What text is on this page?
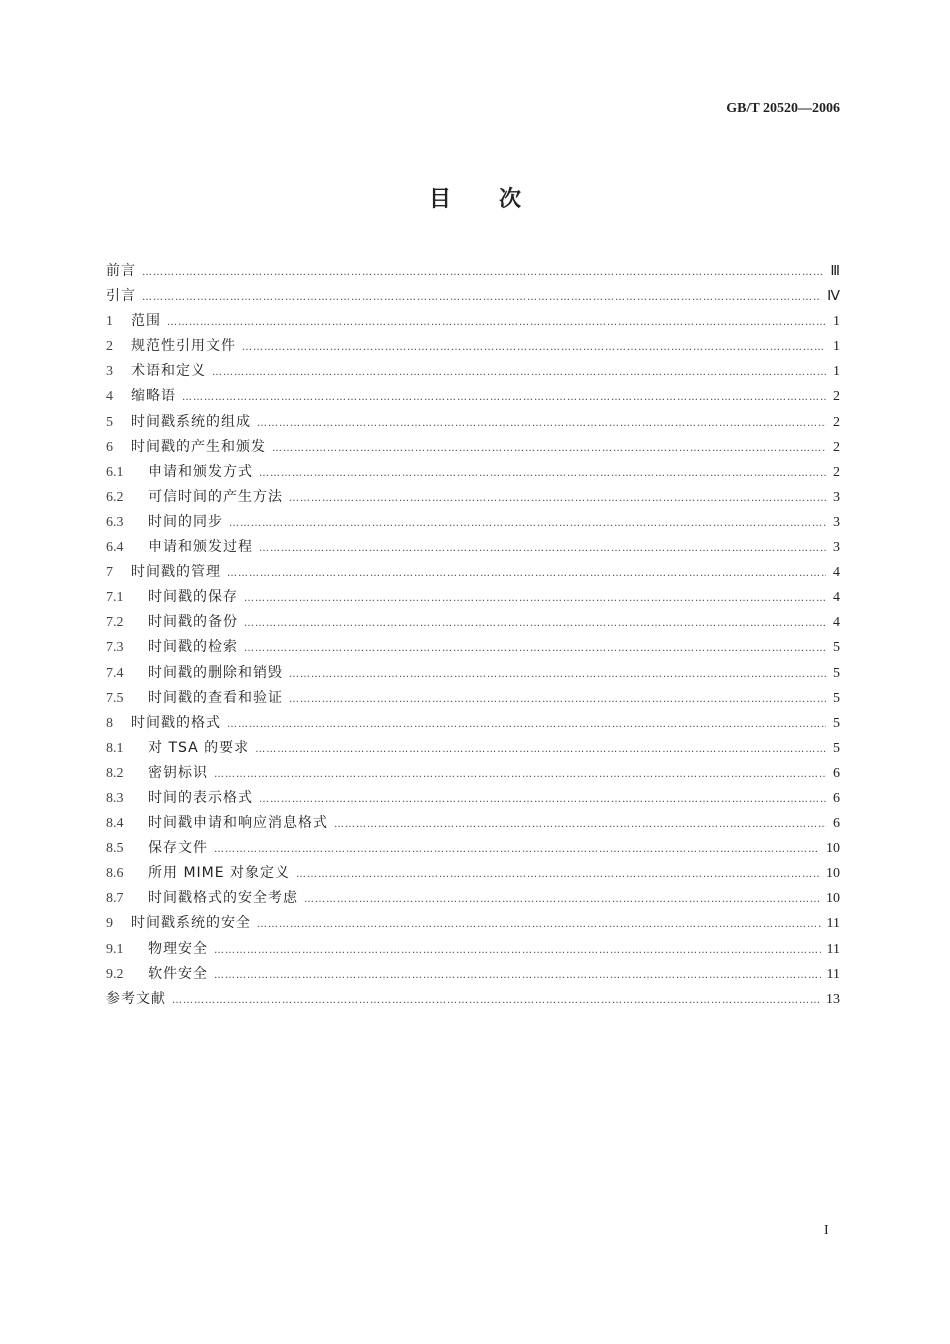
GB/T 20520—2006
目次
前言 ……………………………………………………………………………………………………………………………………………………………………………………………………………………	Ⅲ
引言 ……………………………………………………………………………………………………………………………………………………………………………………………………………………	Ⅳ
1	范围 ……………………………………………………………………………………………………………………………………………………………………………………………………………………	1
2	规范性引用文件 ……………………………………………………………………………………………………………………………………………………………………………………………………………………	1
3	术语和定义 ……………………………………………………………………………………………………………………………………………………………………………………………………………………	1
4	缩略语 ……………………………………………………………………………………………………………………………………………………………………………………………………………………	2
5	时间戳系统的组成 ……………………………………………………………………………………………………………………………………………………………………………………………………………………	2
6	时间戳的产生和颁发 ……………………………………………………………………………………………………………………………………………………………………………………………………………………	2
6.1	申请和颁发方式 ……………………………………………………………………………………………………………………………………………………………………………………………………………………	2
6.2	可信时间的产生方法 ……………………………………………………………………………………………………………………………………………………………………………………………………………………	3
6.3	时间的同步 ……………………………………………………………………………………………………………………………………………………………………………………………………………………	3
6.4	申请和颁发过程 ……………………………………………………………………………………………………………………………………………………………………………………………………………………	3
7	时间戳的管理 ……………………………………………………………………………………………………………………………………………………………………………………………………………………	4
7.1	时间戳的保存 ……………………………………………………………………………………………………………………………………………………………………………………………………………………	4
7.2	时间戳的备份 ……………………………………………………………………………………………………………………………………………………………………………………………………………………	4
7.3	时间戳的检索 ……………………………………………………………………………………………………………………………………………………………………………………………………………………	5
7.4	时间戳的删除和销毁 ……………………………………………………………………………………………………………………………………………………………………………………………………………………	5
7.5	时间戳的查看和验证 ……………………………………………………………………………………………………………………………………………………………………………………………………………………	5
8	时间戳的格式 ……………………………………………………………………………………………………………………………………………………………………………………………………………………	5
8.1	对 TSA 的要求 ……………………………………………………………………………………………………………………………………………………………………………………………………………………	5
8.2	密钥标识 ……………………………………………………………………………………………………………………………………………………………………………………………………………………	6
8.3	时间的表示格式 ……………………………………………………………………………………………………………………………………………………………………………………………………………………	6
8.4	时间戳申请和响应消息格式 ……………………………………………………………………………………………………………………………………………………………………………………………………………………	6
8.5	保存文件 ……………………………………………………………………………………………………………………………………………………………………………………………………………………	10
8.6	所用 MIME 对象定义 ……………………………………………………………………………………………………………………………………………………………………………………………………………………	10
8.7	时间戳格式的安全考虑 ……………………………………………………………………………………………………………………………………………………………………………………………………………………	10
9	时间戳系统的安全 ……………………………………………………………………………………………………………………………………………………………………………………………………………………	11
9.1	物理安全 ……………………………………………………………………………………………………………………………………………………………………………………………………………………	11
9.2	软件安全 ……………………………………………………………………………………………………………………………………………………………………………………………………………………	11
参考文献 ……………………………………………………………………………………………………………………………………………………………………………………………………………………	13
I
